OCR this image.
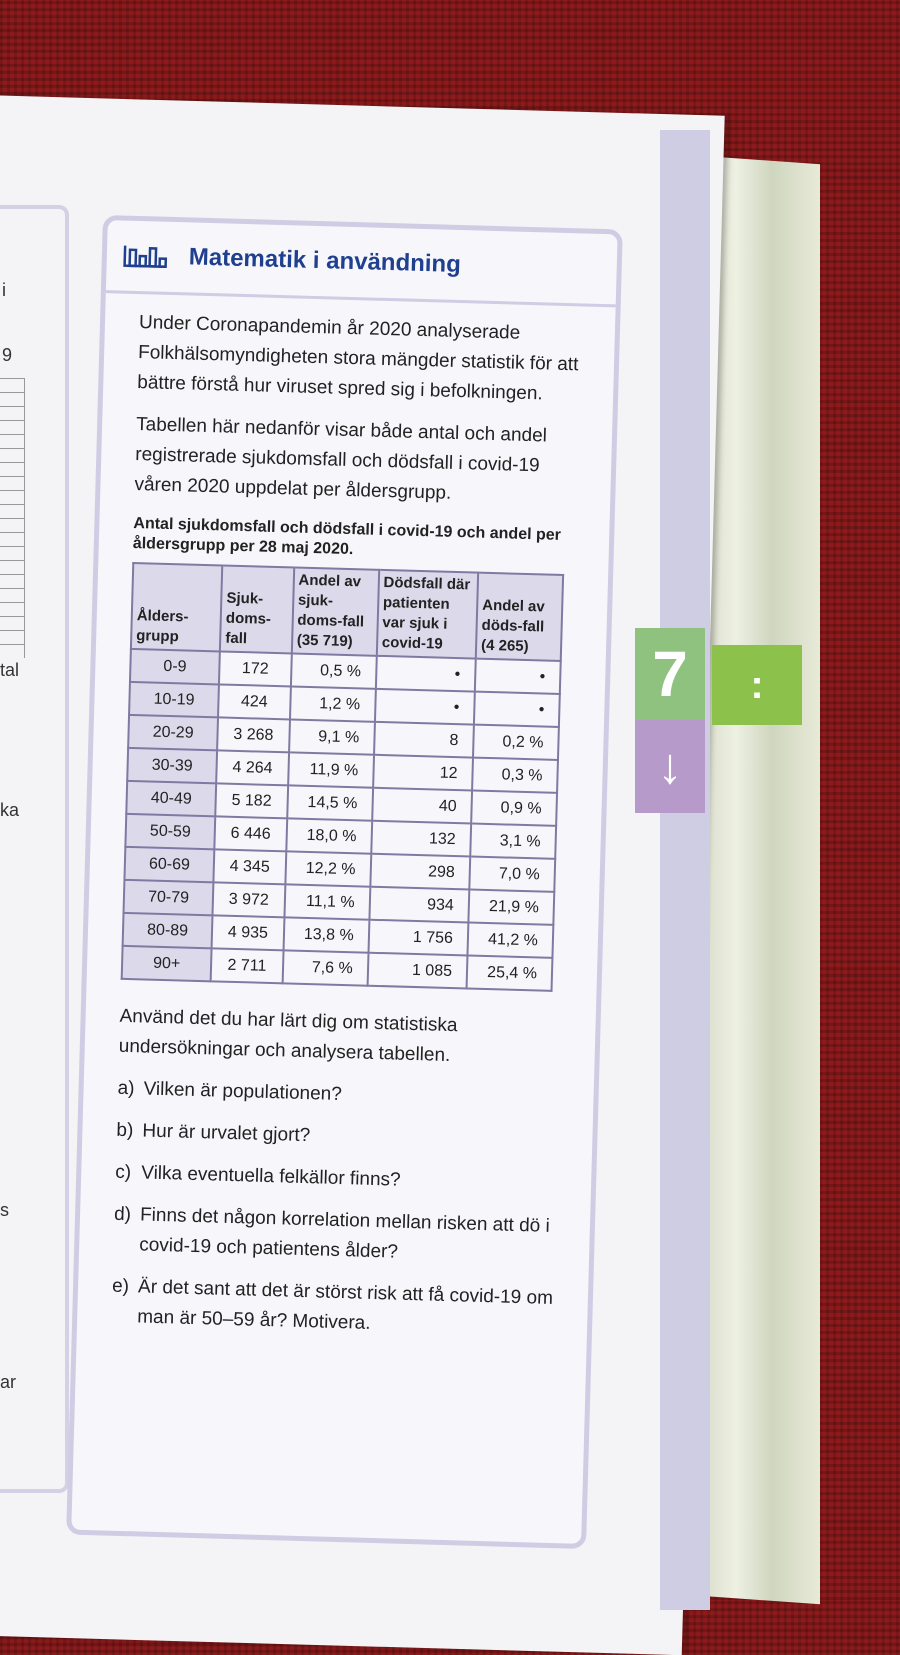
i
9
tal
ka
s
ar
7
↓
:
Matematik i användning

Under Coronapandemin år 2020 analyserade Folkhälsomyndigheten stora mängder statistik för att bättre förstå hur viruset spred sig i befolkningen.

Tabellen här nedanför visar både antal och andel registrerade sjukdomsfall och dödsfall i covid-19 våren 2020 uppdelat per åldersgrupp.

Antal sjukdomsfall och dödsfall i covid-19 och andel per åldersgrupp per 28 maj 2020.
Ålders-grupp	Sjuk-doms-fall	Andel av sjuk-doms-fall (35 719)	Dödsfall där patienten var sjuk i covid-19	Andel av döds-fall (4 265)
0-9	172	0,5 %	•	•
10-19	424	1,2 %	•	•
20-29	3 268	9,1 %	8	0,2 %
30-39	4 264	11,9 %	12	0,3 %
40-49	5 182	14,5 %	40	0,9 %
50-59	6 446	18,0 %	132	3,1 %
60-69	4 345	12,2 %	298	7,0 %
70-79	3 972	11,1 %	934	21,9 %
80-89	4 935	13,8 %	1 756	41,2 %
90+	2 711	7,6 %	1 085	25,4 %

Använd det du har lärt dig om statistiska undersökningar och analysera tabellen.

a) Vilken är populationen?
b) Hur är urvalet gjort?
c) Vilka eventuella felkällor finns?
d) Finns det någon korrelation mellan risken att dö i covid-19 och patientens ålder?
e) Är det sant att det är störst risk att få covid-19 om man är 50–59 år? Motivera.
